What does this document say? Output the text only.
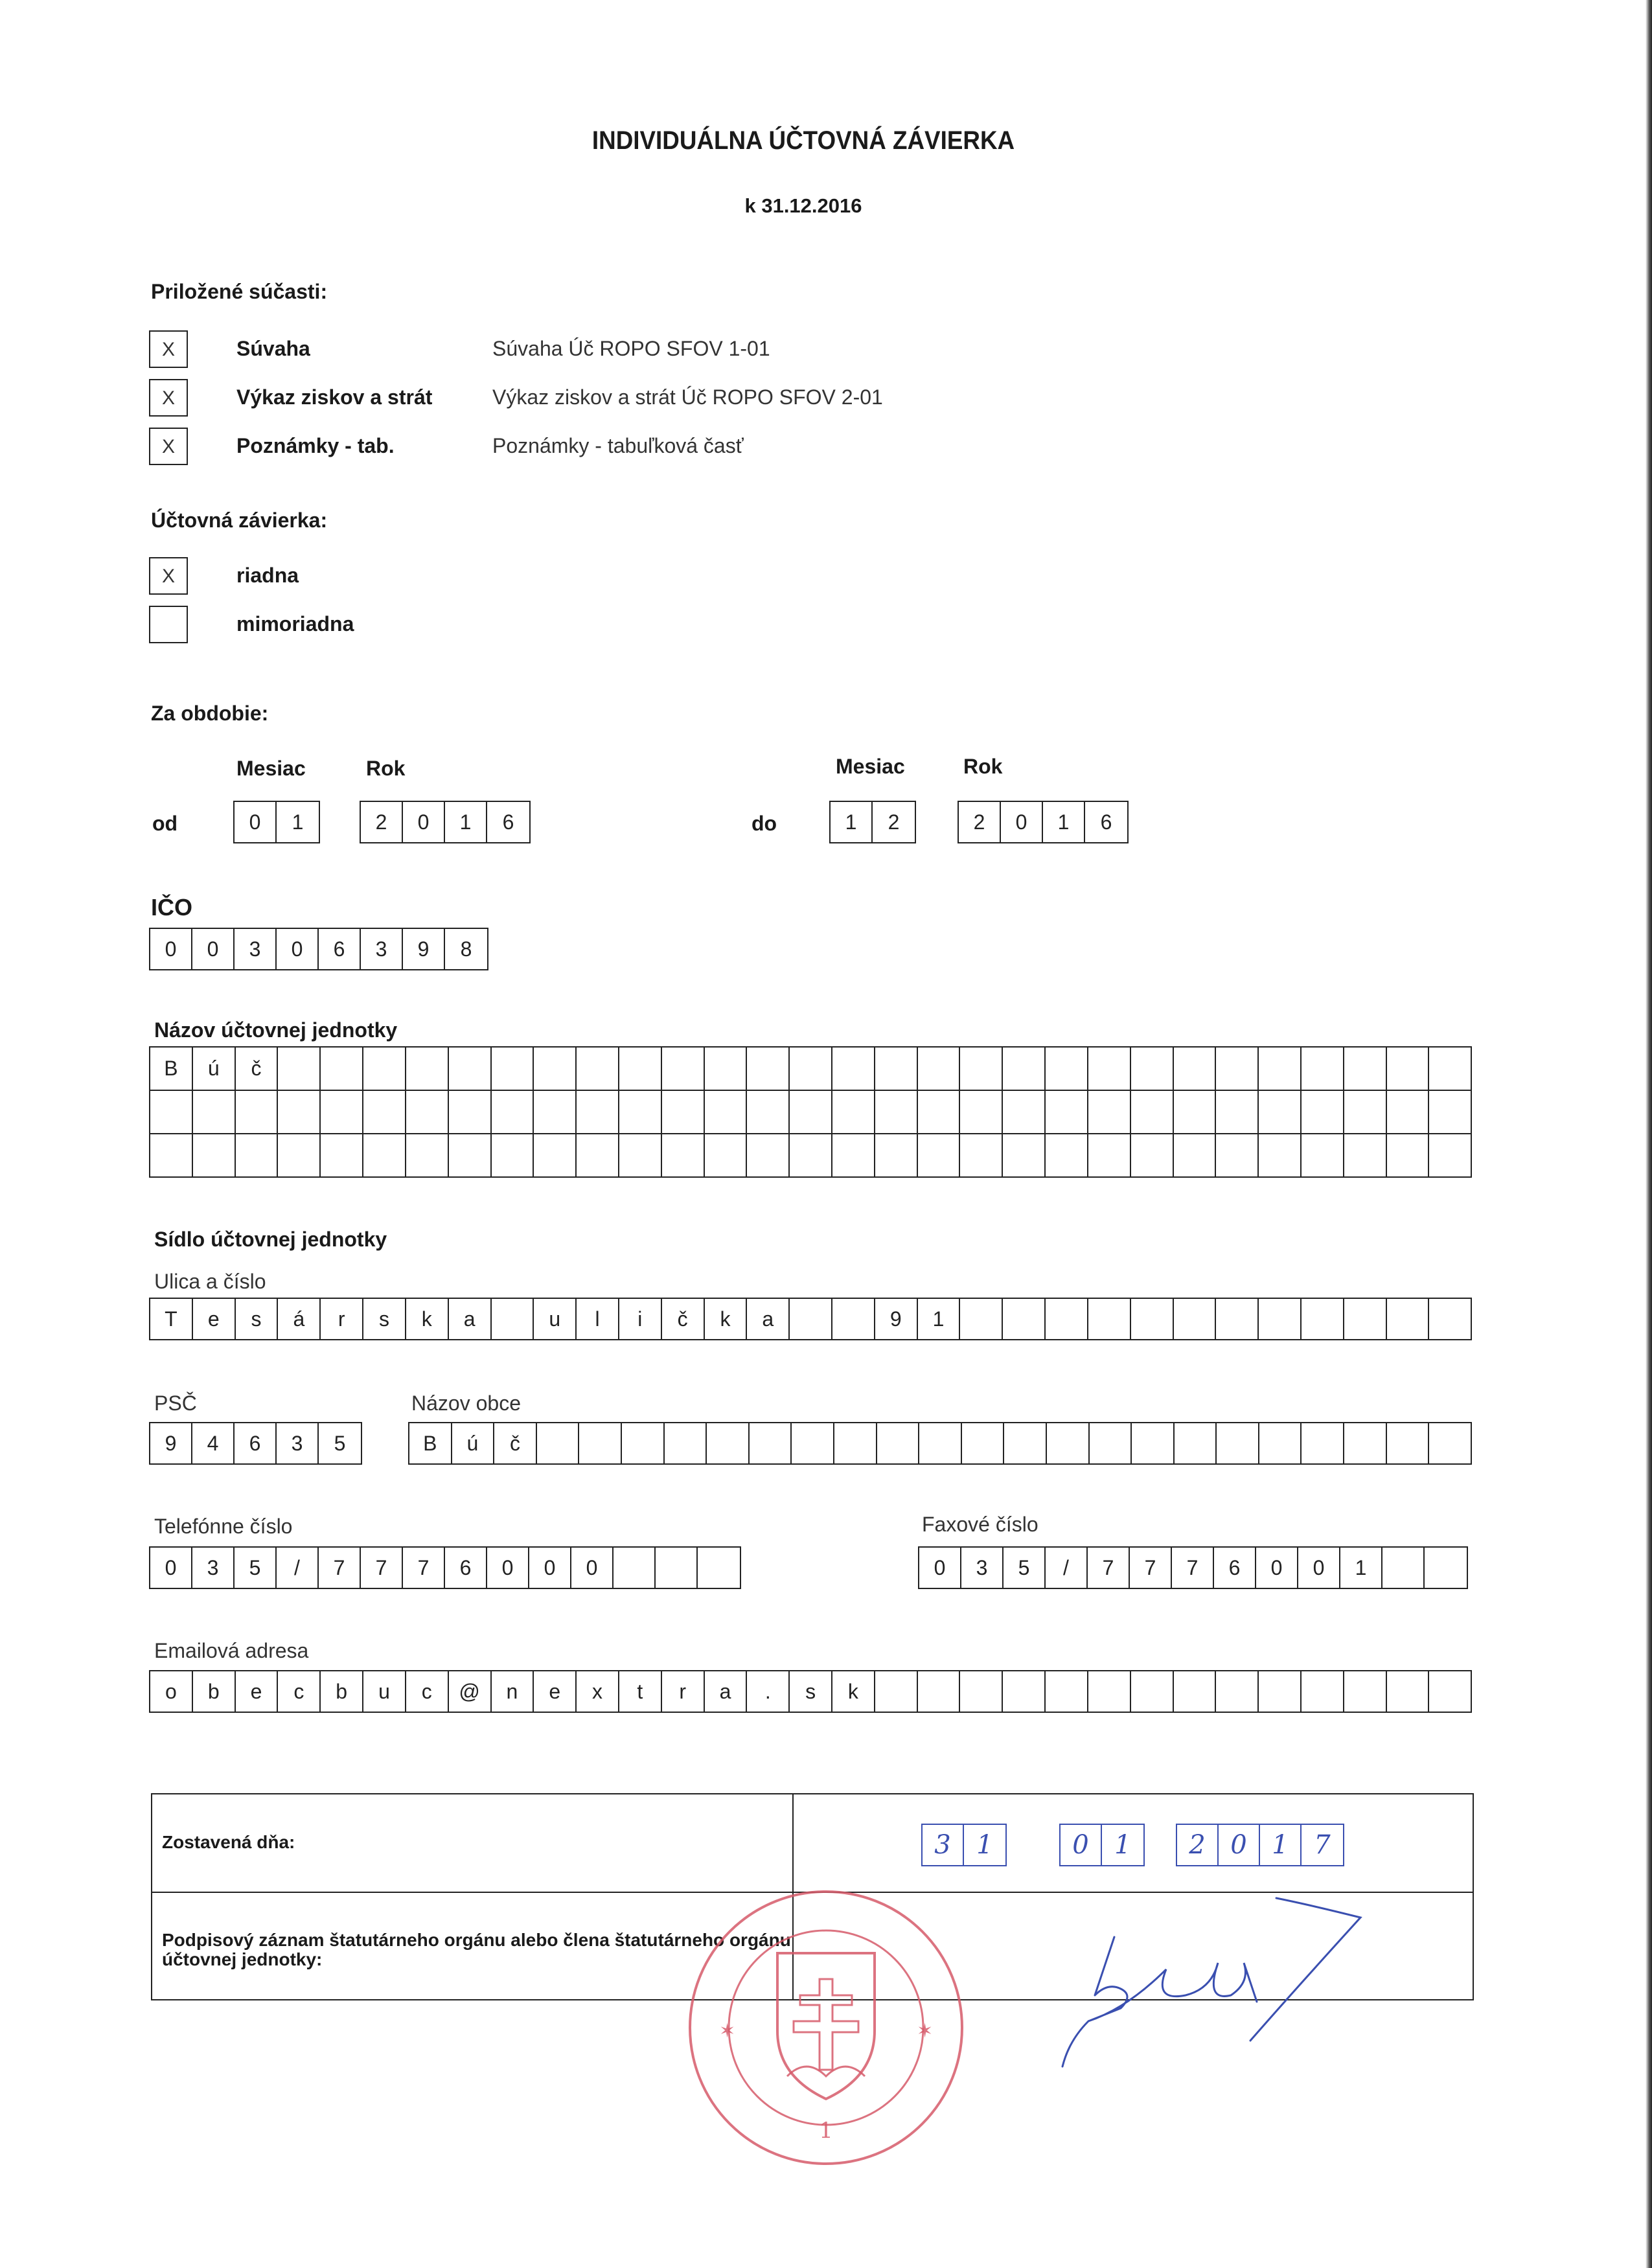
INDIVIDUÁLNA ÚČTOVNÁ ZÁVIERKA
k 31.12.2016
Priložené súčasti:
X	Súvaha	Súvaha Úč ROPO SFOV 1-01
X	Výkaz ziskov a strát	Výkaz ziskov a strát Úč ROPO SFOV 2-01
X	Poznámky - tab.	Poznámky - tabuľková časť
Účtovná závierka:
X	riadna
mimoriadna
Za obdobie:
Mesiac	Rok	Mesiac	Rok
od	0	1	2	0	1	6	do	1	2	2	0	1	6
IČO
0	0	3	0	6	3	9	8
Názov účtovnej jednotky
B	ú	č
Sídlo účtovnej jednotky
Ulica a číslo
T	e	s	á	r	s	k	a	u	l	i	č	k	a	9	1
PSČ
9	4	6	3	5
Názov obce
B	ú	č
Telefónne číslo
0	3	5	/	7	7	7	6	0	0	0
Faxové číslo
0	3	5	/	7	7	7	6	0	0	1
Emailová adresa
o	b	e	c	b	u	c	@	n	e	x	t	r	a	.	s	k
Zostavená dňa:	3 1	0 1	2 0 1 7
Podpisový záznam štatutárneho orgánu alebo člena štatutárneho orgánu účtovnej jednotky:
1
✶	✶
